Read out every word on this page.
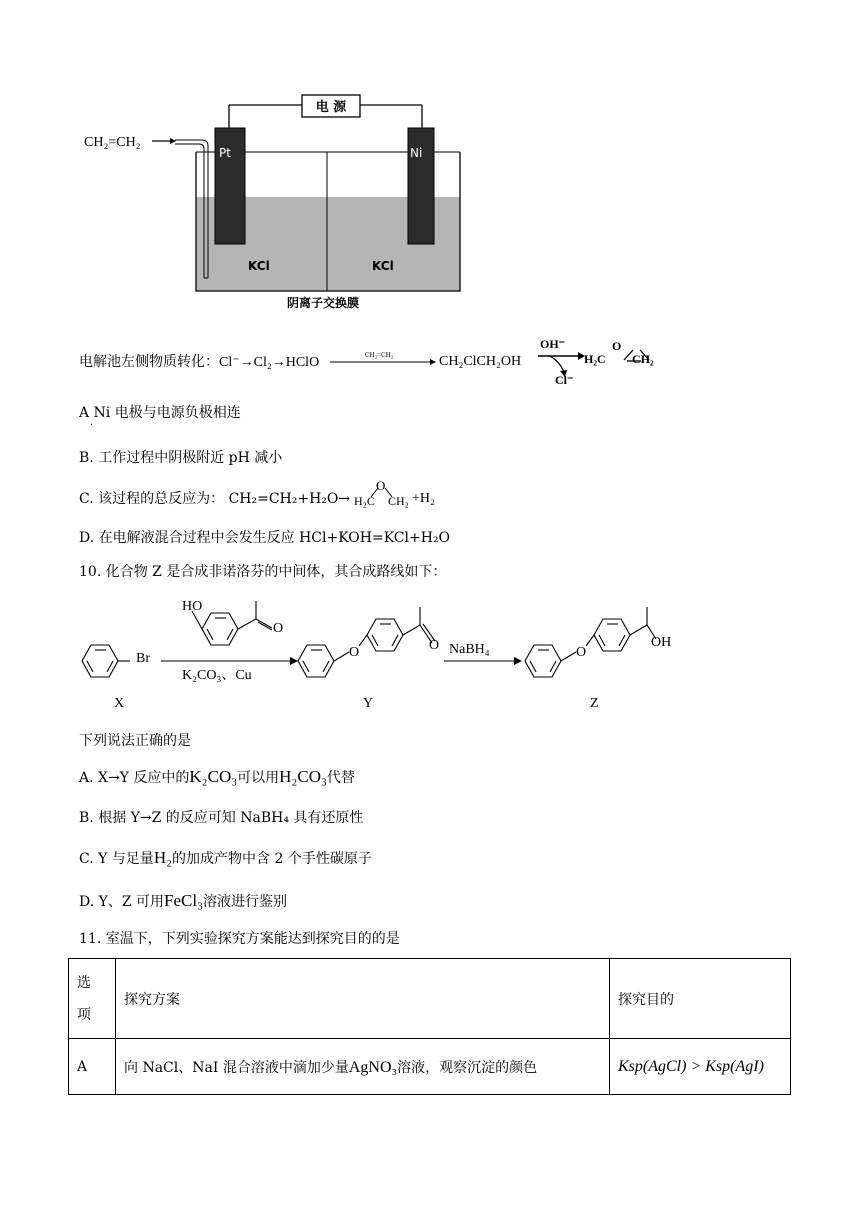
电 源
CH₂=CH₂
Pt	Ni
KCl	KCl
阴离子交换膜
电解池左侧物质转化：Cl⁻→Cl₂→HClO	CH₂=CH₂	CH₂ClCH₂OH
OH⁻
Cl⁻
O
H₂C CH₂
A Ni 电极与电源负极相连
·
B. 工作过程中阴极附近 pH 减小
C. 该过程的总反应为： CH₂=CH₂+H₂O→
O
H₂C CH₂ +H₂
D. 在电解液混合过程中会发生反应 HCl+KOH=KCl+H₂O
10. 化合物 Z 是合成非诺洛芬的中间体，其合成路线如下：
Br
HO
O
K₂CO₃、Cu
O	O NaBH₄	O
OH
X	Y	Z
下列说法正确的是
A. X→Y 反应中的K₂CO₃可以用H₂CO₃代替
B. 根据 Y→Z 的反应可知 NaBH₄ 具有还原性
C. Y 与足量H₂的加成产物中含 2 个手性碳原子
D. Y、Z 可用FeCl₃溶液进行鉴别
11. 室温下，下列实验探究方案能达到探究目的的是
选
项	探究方案	探究目的
A	向 NaCl、NaI 混合溶液中滴加少量AgNO₃溶液，观察沉淀的颜色	Ksp(AgCl) > Ksp(AgI)
